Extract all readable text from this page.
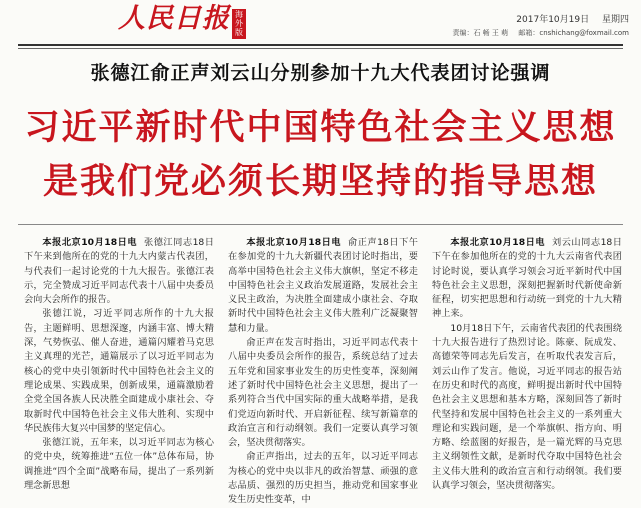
人民日报 海外版
2017年10月19日 星期四
责编：石 畅 王 萌 邮箱：cnshichang@foxmail.com
张德江俞正声刘云山分别参加十九大代表团讨论强调
习近平新时代中国特色社会主义思想
是我们党必须长期坚持的指导思想

本报北京10月18日电 张德江同志18日下午来到他所在的党的十九大内蒙古代表团，与代表们一起讨论党的十九大报告。张德江表示，完全赞成习近平同志代表十八届中央委员会向大会所作的报告。

张德江说，习近平同志所作的十九大报告，主题鲜明、思想深邃，内涵丰富、博大精深，气势恢弘、催人奋进，通篇闪耀着马克思主义真理的光芒，通篇展示了以习近平同志为核心的党中央引领新时代中国特色社会主义的理论成果、实践成果，创新成果，通篇激励着全党全国各族人民决胜全面建成小康社会、夺取新时代中国特色社会主义伟大胜利、实现中华民族伟大复兴中国梦的坚定信心。

张德江说，五年来，以习近平同志为核心的党中央，统筹推进“五位一体”总体布局，协调推进“四个全面”战略布局，提出了一系列新理念新思想

本报北京10月18日电 俞正声18日下午在参加党的十九大新疆代表团讨论时指出，要高举中国特色社会主义伟大旗帜，坚定不移走中国特色社会主义政治发展道路，发展社会主义民主政治，为决胜全面建成小康社会、夺取新时代中国特色社会主义伟大胜利广泛凝聚智慧和力量。

俞正声在发言时指出，习近平同志代表十八届中央委员会所作的报告，系统总结了过去五年党和国家事业发生的历史性变革，深刻阐述了新时代中国特色社会主义思想，提出了一系列符合当代中国实际的重大战略举措，是我们党迈向新时代、开启新征程、续写新篇章的政治宣言和行动纲领。我们一定要认真学习领会，坚决贯彻落实。

俞正声指出，过去的五年，以习近平同志为核心的党中央以非凡的政治智慧、顽强的意志品质、强烈的历史担当，推动党和国家事业发生历史性变革，中

本报北京10月18日电 刘云山同志18日下午在参加他所在的党的十九大云南省代表团讨论时说，要认真学习领会习近平新时代中国特色社会主义思想，深刻把握新时代新使命新征程，切实把思想和行动统一到党的十九大精神上来。

10月18日下午，云南省代表团的代表围绕十九大报告进行了热烈讨论。陈豪、阮成发、高德荣等同志先后发言，在听取代表发言后，刘云山作了发言。他说，习近平同志的报告站在历史和时代的高度，鲜明提出新时代中国特色社会主义思想和基本方略，深刻回答了新时代坚持和发展中国特色社会主义的一系列重大理论和实践问题，是一个举旗帜、指方向、明方略、绘蓝图的好报告，是一篇光辉的马克思主义纲领性文献，是新时代夺取中国特色社会主义伟大胜利的政治宣言和行动纲领。我们要认真学习领会，坚决贯彻落实。
